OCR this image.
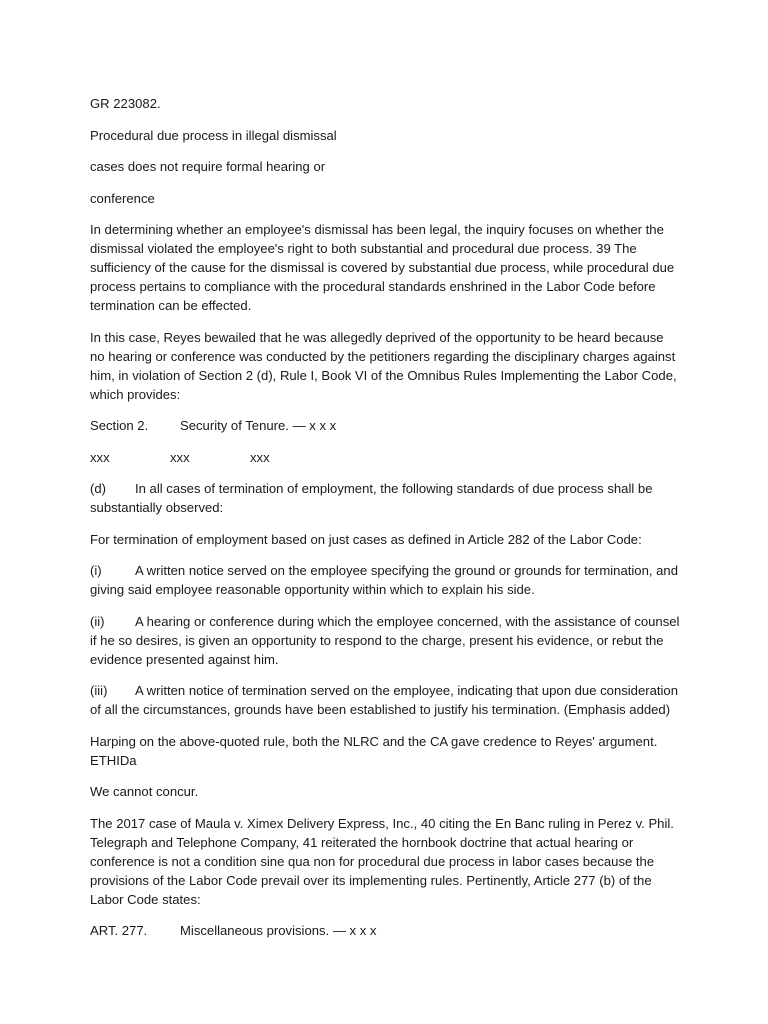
GR 223082.

Procedural due process in illegal dismissal

cases does not require formal hearing or

conference

In determining whether an employee's dismissal has been legal, the inquiry focuses on whether the dismissal violated the employee's right to both substantial and procedural due process. 39 The sufficiency of the cause for the dismissal is covered by substantial due process, while procedural due process pertains to compliance with the procedural standards enshrined in the Labor Code before termination can be effected.

In this case, Reyes bewailed that he was allegedly deprived of the opportunity to be heard because no hearing or conference was conducted by the petitioners regarding the disciplinary charges against him, in violation of Section 2 (d), Rule I, Book VI of the Omnibus Rules Implementing the Labor Code, which provides:

Section 2.	Security of Tenure. — x x x
xxx	xxx	xxx

(d) In all cases of termination of employment, the following standards of due process shall be substantially observed:

For termination of employment based on just cases as defined in Article 282 of the Labor Code:

(i)	A written notice served on the employee specifying the ground or grounds for termination, and giving said employee reasonable opportunity within which to explain his side.

(ii) A hearing or conference during which the employee concerned, with the assistance of counsel if he so desires, is given an opportunity to respond to the charge, present his evidence, or rebut the evidence presented against him.

(iii) A written notice of termination served on the employee, indicating that upon due consideration of all the circumstances, grounds have been established to justify his termination. (Emphasis added)

Harping on the above-quoted rule, both the NLRC and the CA gave credence to Reyes' argument. ETHIDa

We cannot concur.

The 2017 case of Maula v. Ximex Delivery Express, Inc., 40 citing the En Banc ruling in Perez v. Phil. Telegraph and Telephone Company, 41 reiterated the hornbook doctrine that actual hearing or conference is not a condition sine qua non for procedural due process in labor cases because the provisions of the Labor Code prevail over its implementing rules. Pertinently, Article 277 (b) of the Labor Code states:

ART. 277.	Miscellaneous provisions. — x x x
